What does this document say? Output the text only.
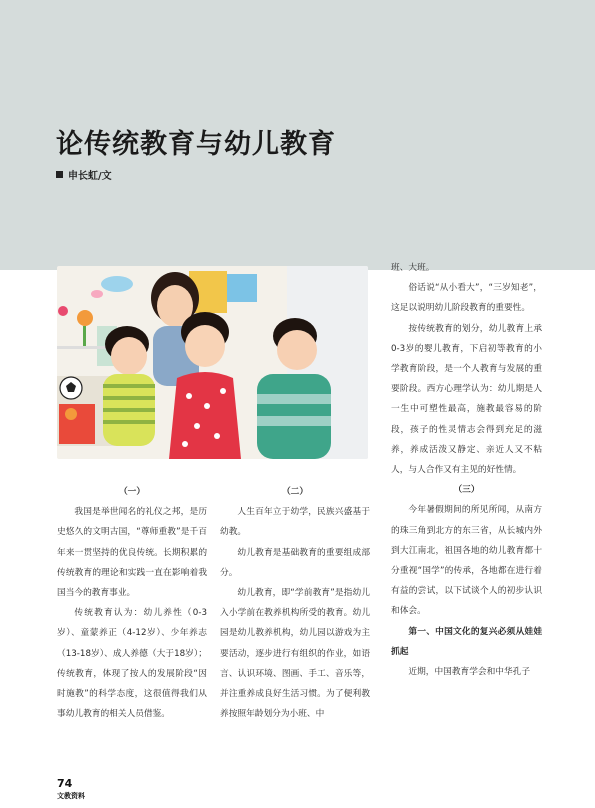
论传统教育与幼儿教育
申长虹/文

（一）

我国是举世闻名的礼仪之邦，是历史悠久的文明古国，“尊师重教”是千百年来一贯坚持的优良传统。长期积累的传统教育的理论和实践一直在影响着我国当今的教育事业。

传统教育认为：幼儿养性（0-3岁）、童蒙养正（4-12岁）、少年养志（13-18岁）、成人养德（大于18岁）；传统教育，体现了按人的发展阶段“因时施教”的科学态度，这很值得我们从事幼儿教育的相关人员借鉴。

（二）

人生百年立于幼学，民族兴盛基于幼教。

幼儿教育是基础教育的重要组成部分。

幼儿教育，即“学前教育”是指幼儿入小学前在教养机构所受的教育。幼儿园是幼儿教养机构，幼儿园以游戏为主要活动，逐步进行有组织的作业，如语言、认识环境、图画、手工、音乐等，并注重养成良好生活习惯。为了便利教养按照年龄划分为小班、中

班、大班。

俗话说“从小看大”，“三岁知老”，这足以说明幼儿阶段教育的重要性。

按传统教育的划分，幼儿教育上承0-3岁的婴儿教育，下启初等教育的小学教育阶段，是一个人教育与发展的重要阶段。西方心理学认为：幼儿期是人一生中可塑性最高，施教最容易的阶段，孩子的性灵情志会得到充足的滋养，养成活泼又静定、亲近人又不粘人，与人合作又有主见的好性情。

（三）

今年暑假期间的所见所闻，从南方的珠三角到北方的东三省，从长城内外到大江南北，祖国各地的幼儿教育都十分重视“国学”的传承，各地都在进行着有益的尝试，以下试谈个人的初步认识和体会。

第一、中国文化的复兴必须从娃娃抓起

近期，中国教育学会和中华孔子

74
文教资料
